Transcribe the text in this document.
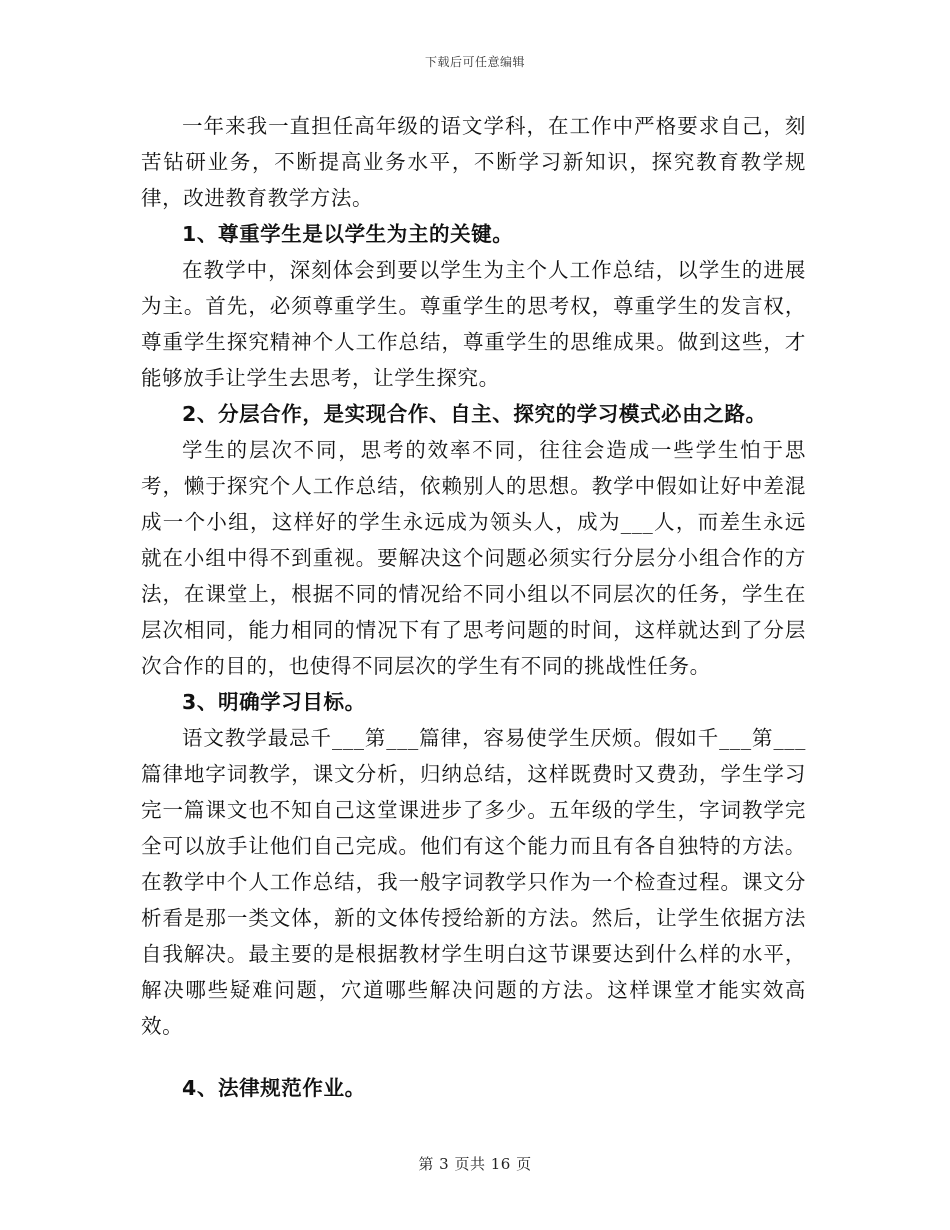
下载后可任意编辑

一年来我一直担任高年级的语文学科，在工作中严格要求自己，刻苦钻研业务，不断提高业务水平，不断学习新知识，探究教育教学规律，改进教育教学方法。

1、尊重学生是以学生为主的关键。

在教学中，深刻体会到要以学生为主个人工作总结，以学生的进展为主。首先，必须尊重学生。尊重学生的思考权，尊重学生的发言权，尊重学生探究精神个人工作总结，尊重学生的思维成果。做到这些，才能够放手让学生去思考，让学生探究。

2、分层合作，是实现合作、自主、探究的学习模式必由之路。

学生的层次不同，思考的效率不同，往往会造成一些学生怕于思考，懒于探究个人工作总结，依赖别人的思想。教学中假如让好中差混成一个小组，这样好的学生永远成为领头人，成为___人，而差生永远就在小组中得不到重视。要解决这个问题必须实行分层分小组合作的方法，在课堂上，根据不同的情况给不同小组以不同层次的任务，学生在层次相同，能力相同的情况下有了思考问题的时间，这样就达到了分层次合作的目的，也使得不同层次的学生有不同的挑战性任务。

3、明确学习目标。

语文教学最忌千___第___篇律，容易使学生厌烦。假如千___第___篇律地字词教学，课文分析，归纳总结，这样既费时又费劲，学生学习完一篇课文也不知自己这堂课进步了多少。五年级的学生，字词教学完全可以放手让他们自己完成。他们有这个能力而且有各自独特的方法。在教学中个人工作总结，我一般字词教学只作为一个检查过程。课文分析看是那一类文体，新的文体传授给新的方法。然后，让学生依据方法自我解决。最主要的是根据教材学生明白这节课要达到什么样的水平，解决哪些疑难问题，穴道哪些解决问题的方法。这样课堂才能实效高效。

4、法律规范作业。

第 3 页共 16 页
